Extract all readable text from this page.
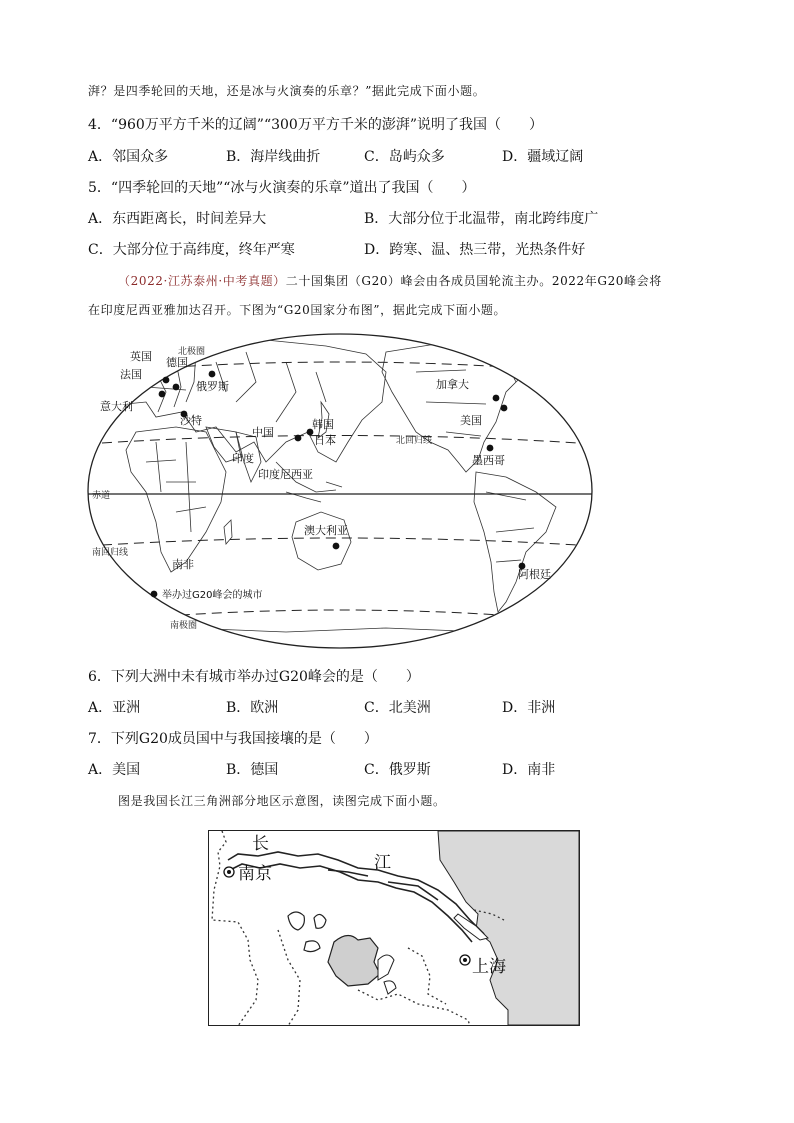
湃？是四季轮回的天地，还是冰与火演奏的乐章？”据此完成下面小题。
4．“960万平方千米的辽阔”“300万平方千米的澎湃”说明了我国（　　）
A．邻国众多	B．海岸线曲折	C．岛屿众多	D．疆域辽阔
5．“四季轮回的天地”“冰与火演奏的乐章”道出了我国（　　）
A．东西距离长，时间差异大	B．大部分位于北温带，南北跨纬度广
C．大部分位于高纬度，终年严寒	D．跨寒、温、热三带，光热条件好
（2022·江苏泰州·中考真题）二十国集团（G20）峰会由各成员国轮流主办。2022年G20峰会将
在印度尼西亚雅加达召开。下图为“G20国家分布图”，据此完成下面小题。
北极圈
北回归线
赤道
南回归线
南极圈
英国 德国
法国
俄罗斯
意大利
沙特
中国
韩国
日本
印度
印度尼西亚
加拿大
美国
墨西哥
澳大利亚
南非
阿根廷
举办过G20峰会的城市
6．下列大洲中未有城市举办过G20峰会的是（　　）
A．亚洲	B．欧洲	C．北美洲	D．非洲
7．下列G20成员国中与我国接壤的是（　　）
A．美国	B．德国	C．俄罗斯	D．南非
图是我国长江三角洲部分地区示意图，读图完成下面小题。
长
江
南京
上海
